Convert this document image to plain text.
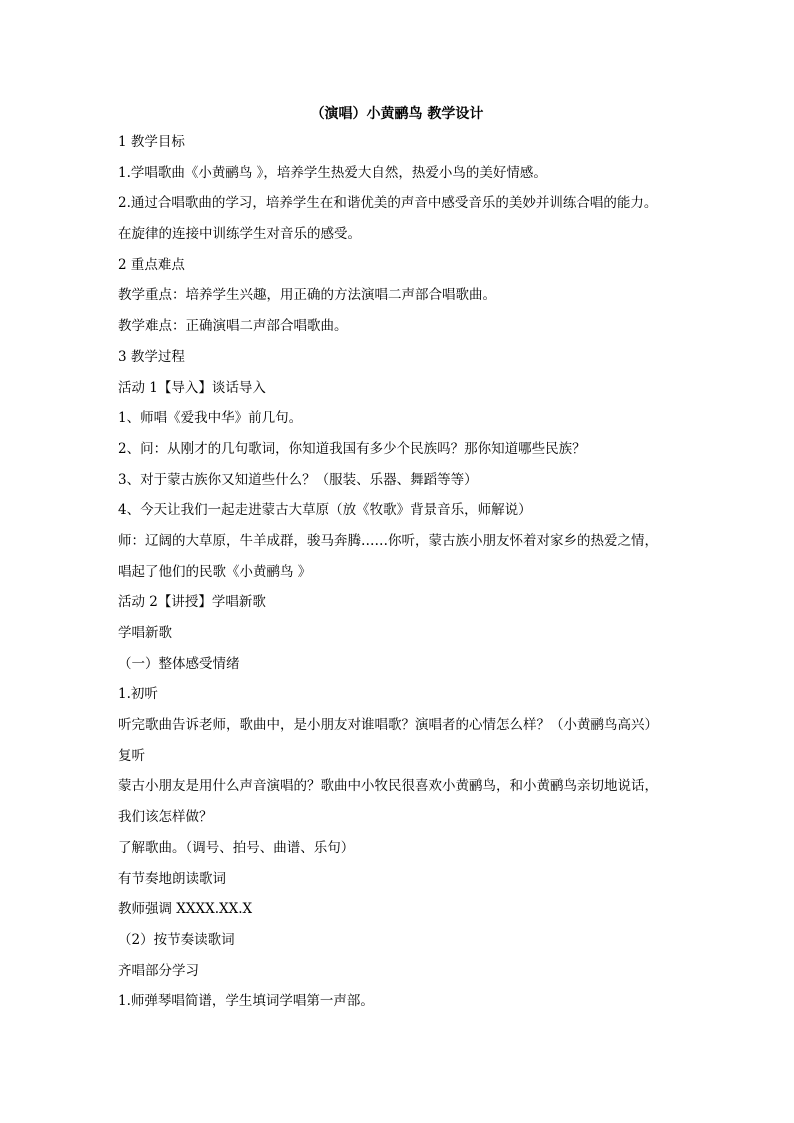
（演唱）小黄鹂鸟 教学设计
1 教学目标
1.学唱歌曲《小黄鹂鸟 》，培养学生热爱大自然，热爱小鸟的美好情感。
2.通过合唱歌曲的学习，培养学生在和谐优美的声音中感受音乐的美妙并训练合唱的能力。
在旋律的连接中训练学生对音乐的感受。
2 重点难点
教学重点：培养学生兴趣，用正确的方法演唱二声部合唱歌曲。
教学难点：正确演唱二声部合唱歌曲。
3 教学过程
活动 1【导入】谈话导入
1、师唱《爱我中华》前几句。
2、问：从刚才的几句歌词，你知道我国有多少个民族吗？那你知道哪些民族？
3、对于蒙古族你又知道些什么？（服装、乐器、舞蹈等等）
4、今天让我们一起走进蒙古大草原（放《牧歌》背景音乐，师解说）
师：辽阔的大草原，牛羊成群，骏马奔腾……你听，蒙古族小朋友怀着对家乡的热爱之情，
唱起了他们的民歌《小黄鹂鸟 》
活动 2【讲授】学唱新歌
学唱新歌
（一）整体感受情绪
1.初听
听完歌曲告诉老师，歌曲中，是小朋友对谁唱歌？演唱者的心情怎么样？（小黄鹂鸟高兴）
复听
蒙古小朋友是用什么声音演唱的？歌曲中小牧民很喜欢小黄鹂鸟，和小黄鹂鸟亲切地说话，
我们该怎样做？
了解歌曲。（调号、拍号、曲谱、乐句）
有节奏地朗读歌词
教师强调 XXXX.XX.X
（2）按节奏读歌词
齐唱部分学习
1.师弹琴唱简谱，学生填词学唱第一声部。
